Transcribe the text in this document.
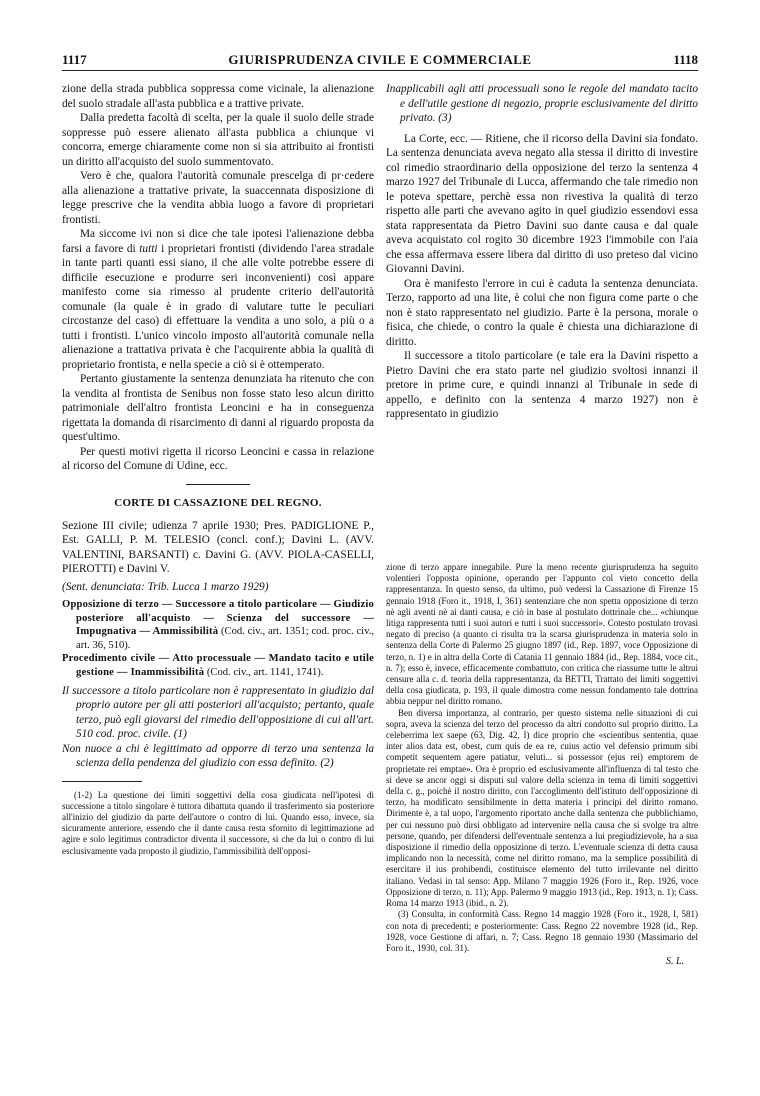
1117	GIURISPRUDENZA CIVILE E COMMERCIALE	1118

zione della strada pubblica soppressa come vicinale, la alienazione del suolo stradale all'asta pubblica e a trattive private.

Dalla predetta facoltà di scelta, per la quale il suolo delle strade soppresse può essere alienato all'asta pubblica a chiunque vi concorra, emerge chiaramente come non si sia attribuito ai frontisti un diritto all'acquisto del suolo summentovato.

Vero è che, qualora l'autorità comunale prescelga di pr·cedere alla alienazione a trattative private, la suaccennata disposizione di legge prescrive che la vendita abbia luogo a favore di proprietari frontisti.

Ma siccome ivi non si dice che tale ipotesi l'alienazione debba farsi a favore di tutti i proprietari frontisti (dividendo l'area stradale in tante parti quanti essi siano, il che alle volte potrebbe essere di difficile esecuzione e produrre seri inconvenienti) così appare manifesto come sia rimesso al prudente criterio dell'autorità comunale (la quale è in grado di valutare tutte le peculiari circostanze del caso) di effettuare la vendita a uno solo, a più o a tutti i frontisti. L'unico vincolo imposto all'autorità comunale nella alienazione a trattativa privata è che l'acquirente abbia la qualità di proprietario frontista, e nella specie a ciò si è ottemperato.

Pertanto giustamente la sentenza denunziata ha ritenuto che con la vendita al frontista de Senibus non fosse stato leso alcun diritto patrimoniale dell'altro frontista Leoncini e ha in conseguenza rigettata la domanda di risarcimento di danni al riguardo proposta da quest'ultimo.

Per questi motivi rigetta il ricorso Leoncini e cassa in relazione al ricorso del Comune di Udine, ecc.

CORTE DI CASSAZIONE DEL REGNO.

Sezione III civile; udienza 7 aprile 1930; Pres. PADIGLIONE P., Est. GALLI, P. M. TELESIO (concl. conf.); Davini L. (AVV. VALENTINI, BARSANTI) c. Davini G. (AVV. PIOLA-CASELLI, PIEROTTI) e Davini V.

(Sent. denunciata: Trib. Lucca 1 marzo 1929)

Opposizione di terzo — Successore a titolo particolare — Giudizio posteriore all'acquisto — Scienza del successore — Impugnativa — Ammissibilità (Cod. civ., art. 1351; cod. proc. civ., art. 36, 510).

Procedimento civile — Atto processuale — Mandato tacito e utile gestione — Inammissibilità (Cod. civ., art. 1141, 1741).

Il successore a titolo particolare non è rappresentato in giudizio dal proprio autore per gli atti posteriori all'acquisto; pertanto, quale terzo, può egli giovarsi del rimedio dell'opposizione di cui all'art. 510 cod. proc. civile. (1)

Non nuoce a chi è legittimato ad opporre di terzo una sentenza la scienza della pendenza del giudizio con essa definito. (2)

(1-2) La questione dei limiti soggettivi della cosa giudicata nell'ipotesi di successione a titolo singolare è tuttora dibattuta quando il trasferimento sia posteriore all'inizio del giudizio da parte dell'autore o contro di lui. Quando esso, invece, sia sicuramente anteriore, essendo che il dante causa resta sfornito di legittimazione ad agire e solo legitimus contradictor diventa il successore, si che da lui o contro di lui esclusivamente vada proposto il giudizio, l'ammissibilità dell'opposi-

Inapplicabili agli atti processuali sono le regole del mandato tacito e dell'utile gestione di negozio, proprie esclusivamente del diritto privato. (3)

La Corte, ecc. — Ritiene, che il ricorso della Davini sia fondato. La sentenza denunciata aveva negato alla stessa il diritto di investire col rimedio straordinario della opposizione del terzo la sentenza 4 marzo 1927 del Tribunale di Lucca, affermando che tale rimedio non le poteva spettare, perchè essa non rivestiva la qualità di terzo rispetto alle parti che avevano agito in quel giudizio essendovi essa stata rappresentata da Pietro Davini suo dante causa e dal quale aveva acquistato col rogito 30 dicembre 1923 l'immobile con l'aia che essa affermava essere libera dal diritto di uso preteso dal vicino Giovanni Davini.

Ora è manifesto l'errore in cui è caduta la sentenza denunciata. Terzo, rapporto ad una lite, è colui che non figura come parte o che non è stato rappresentato nel giudizio. Parte è la persona, morale o fisica, che chiede, o contro la quale è chiesta una dichiarazione di diritto.

Il successore a titolo particolare (e tale era la Davini rispetto a Pietro Davini che era stato parte nel giudizio svoltosi innanzi il pretore in prime cure, e quindi innanzi al Tribunale in sede di appello, e definito con la sentenza 4 marzo 1927) non è rappresentato in giudizio

zione di terzo appare innegabile. Pure la meno recente giurisprudenza ha seguito volentieri l'opposta opinione, operando per l'appunto col vieto concetto della rappresentanza. In questo senso, da ultimo, può vedersi la Cassazione di Firenze 15 gennaio 1918 (Foro it., 1918, I, 361) sentenziare che non spetta opposizione di terzo nè agli aventi nè ai danti causa, e ciò in base al postulato dottrinale che... «chiunque litiga rappresenta tutti i suoi autori e tutti i suoi successori». Cotesto postulato trovasi negato di preciso (a quanto ci risulta tra la scarsa giurisprudenza in materia solo in sentenza della Corte di Palermo 25 giugno 1897 (id., Rep. 1897, voce Opposizione di terzo, n. 1) e in altra della Corte di Catania 11 gennaio 1884 (id., Rep. 1884, voce cit., n. 7); esso è, invece, efficacemente combattuto, con critica che riassume tutte le altrui censure alla c. d. teoria della rappresentanza, da BETTI, Trattato dei limiti soggettivi della cosa giudicata, p. 193, il quale dimostra come nessun fondamento tale dottrina abbia neppur nel diritto romano.

Ben diversa importanza, al contrario, per questo sistema nelle situazioni di cui sopra, aveva la scienza del terzo del processo da altri condotto sul proprio diritto. La celeberrima lex saepe (63, Dig. 42, I) dice proprio che «scientibus sententia, quae inter alios data est, obest, cum quis de ea re, cuius actio vel defensio primum sibi competit sequentem agere patiatur, veluti... si possessor (ejus rei) emptorem de proprietate rei emptae». Ora è proprio ed esclusivamente all'influenza di tal testo che si deve se ancor oggi si disputi sul valore della scienza in tema di limiti soggettivi della c. g., poichè il nostro diritto, con l'accoglimento dell'istituto dell'opposizione di terzo, ha modificato sensibilmente in detta materia i principi del diritto romano. Dirimente è, a tal uopo, l'argomento riportato anche dalla sentenza che pubblichiamo, per cui nessuno può dirsi obbligato ad intervenire nella causa che si svolge tra altre persone, quando, per difendersi dell'eventuale sentenza a lui pregiudizievole, ha a sua disposizione il rimedio della opposizione di terzo. L'eventuale scienza di detta causa implicando non la necessità, come nel diritto romano, ma la semplice possibilità di esercitare il ius prohibendi, costituisce elemento del tutto irrilevante nel diritto italiano. Vedasi in tal senso: App. Milano 7 maggio 1926 (Foro it., Rep. 1926, voce Opposizione di terzo, n. 11); App. Palermo 9 maggio 1913 (id., Rep. 1913, n. 1); Cass. Roma 14 marzo 1913 (ibid., n. 2).

(3) Consulta, in conformità Cass. Regno 14 maggio 1928 (Foro it., 1928, I, 581) con nota di precedenti; e posteriormente: Cass. Regno 22 novembre 1928 (id., Rep. 1928, voce Gestione di affari, n. 7; Cass. Regno 18 gennaio 1930 (Massimario del Foro it., 1930, col. 31).

S. L.
